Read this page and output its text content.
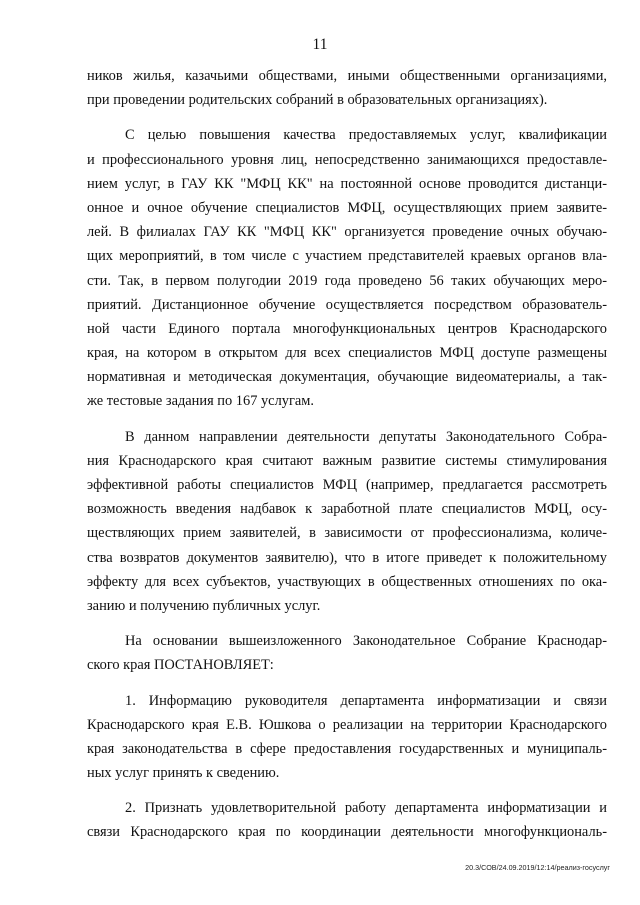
11
ников жилья, казачьими обществами, иными общественными организациями,
при проведении родительских собраний в образовательных организациях).
С целью повышения качества предоставляемых услуг, квалификации
и профессионального уровня лиц, непосредственно занимающихся предоставле-
нием услуг, в ГАУ КК "МФЦ КК" на постоянной основе проводится дистанци-
онное и очное обучение специалистов МФЦ, осуществляющих прием заявите-
лей. В филиалах ГАУ КК "МФЦ КК" организуется проведение очных обучаю-
щих мероприятий, в том числе с участием представителей краевых органов вла-
сти. Так, в первом полугодии 2019 года проведено 56 таких обучающих меро-
приятий. Дистанционное обучение осуществляется посредством образователь-
ной части Единого портала многофункциональных центров Краснодарского
края, на котором в открытом для всех специалистов МФЦ доступе размещены
нормативная и методическая документация, обучающие видеоматериалы, а так-
же тестовые задания по 167 услугам.
В данном направлении деятельности депутаты Законодательного Собра-
ния Краснодарского края считают важным развитие системы стимулирования
эффективной работы специалистов МФЦ (например, предлагается рассмотреть
возможность введения надбавок к заработной плате специалистов МФЦ, осу-
ществляющих прием заявителей, в зависимости от профессионализма, количе-
ства возвратов документов заявителю), что в итоге приведет к положительному
эффекту для всех субъектов, участвующих в общественных отношениях по ока-
занию и получению публичных услуг.
На основании вышеизложенного Законодательное Собрание Краснодар-
ского края ПОСТАНОВЛЯЕТ:
1. Информацию руководителя департамента информатизации и связи
Краснодарского края Е.В. Юшкова о реализации на территории Краснодарского
края законодательства в сфере предоставления государственных и муниципаль-
ных услуг принять к сведению.
2. Признать удовлетворительной работу департамента информатизации и
связи Краснодарского края по координации деятельности многофункциональ-
20.3/СОВ/24.09.2019/12:14/реализ-госуслуг
